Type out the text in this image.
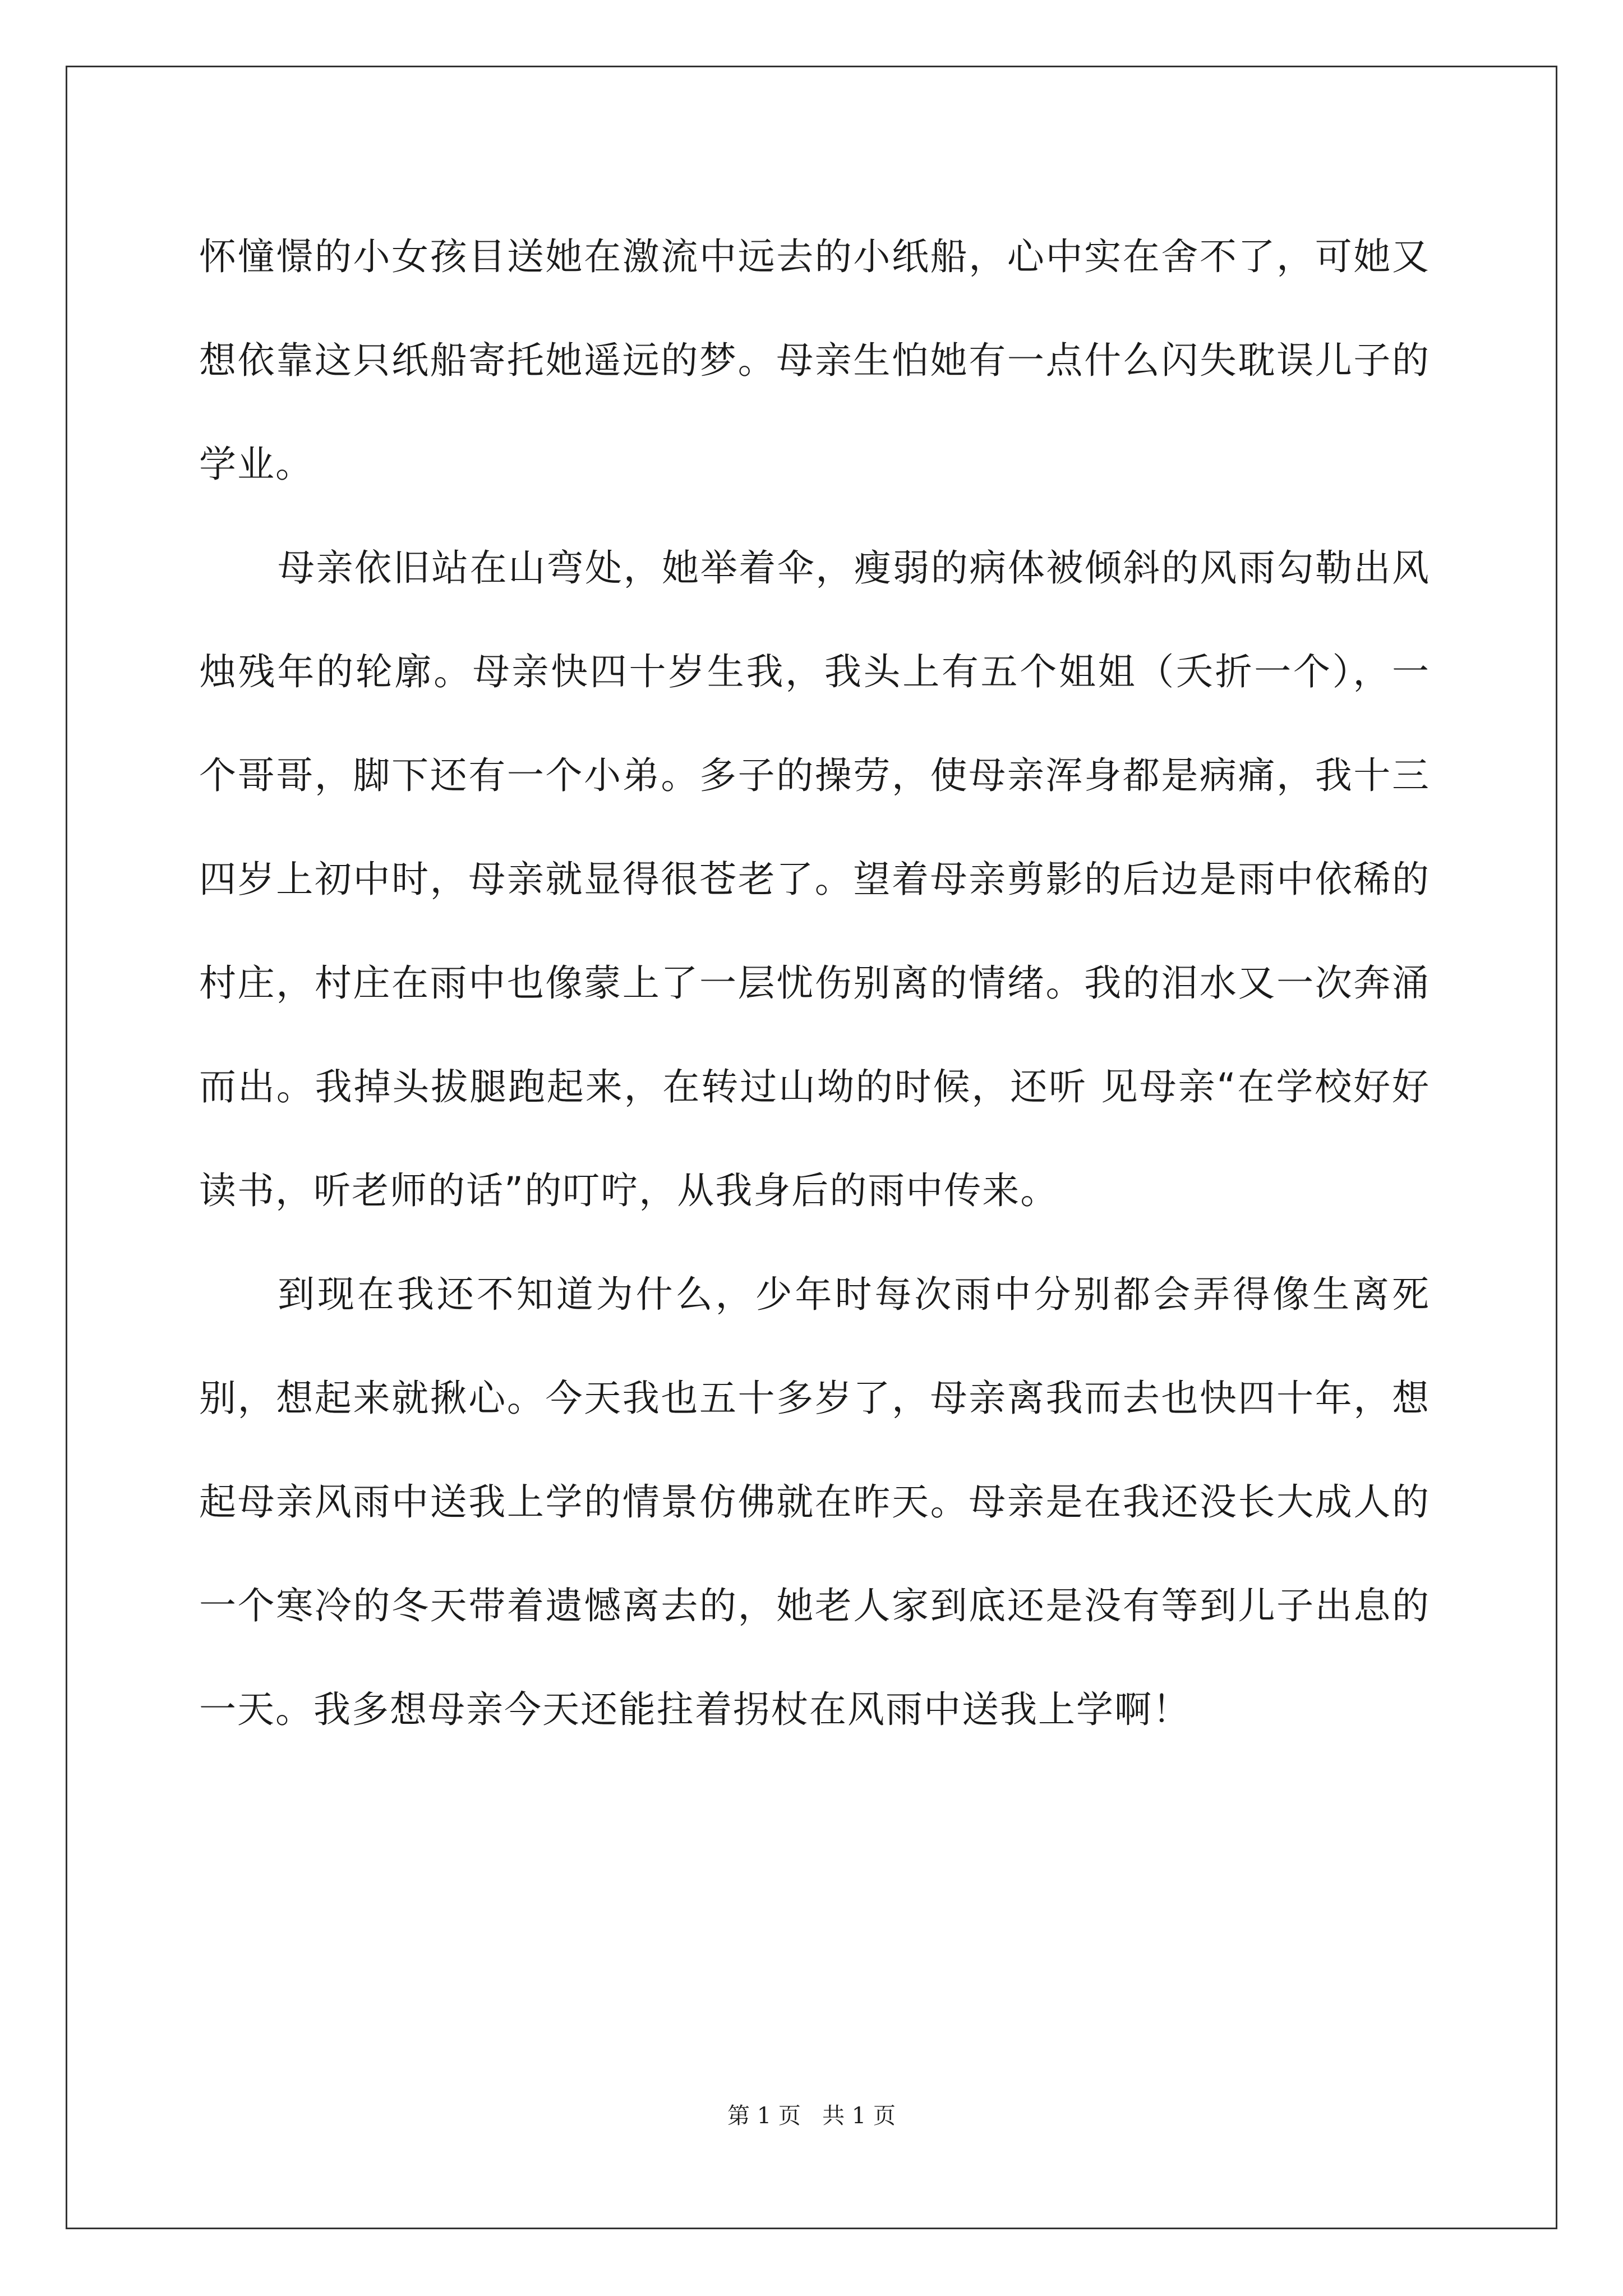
怀憧憬的小女孩目送她在激流中远去的小纸船，心中实在舍不了，可她又想依靠这只纸船寄托她遥远的梦。母亲生怕她有一点什么闪失耽误儿子的学业。

母亲依旧站在山弯处，她举着伞，瘦弱的病体被倾斜的风雨勾勒出风烛残年的轮廓。母亲快四十岁生我，我头上有五个姐姐（夭折一个），一个哥哥，脚下还有一个小弟。多子的操劳，使母亲浑身都是病痛，我十三四岁上初中时，母亲就显得很苍老了。望着母亲剪影的后边是雨中依稀的村庄，村庄在雨中也像蒙上了一层忧伤别离的情绪。我的泪水又一次奔涌而出。我掉头拔腿跑起来，在转过山坳的时候，还听 见母亲“在学校好好读书，听老师的话”的叮咛，从我身后的雨中传来。

到现在我还不知道为什么，少年时每次雨中分别都会弄得像生离死别，想起来就揪心。今天我也五十多岁了，母亲离我而去也快四十年，想起母亲风雨中送我上学的情景仿佛就在昨天。母亲是在我还没长大成人的一个寒冷的冬天带着遗憾离去的，她老人家到底还是没有等到儿子出息的一天。我多想母亲今天还能拄着拐杖在风雨中送我上学啊！

第 1 页   共 1 页
